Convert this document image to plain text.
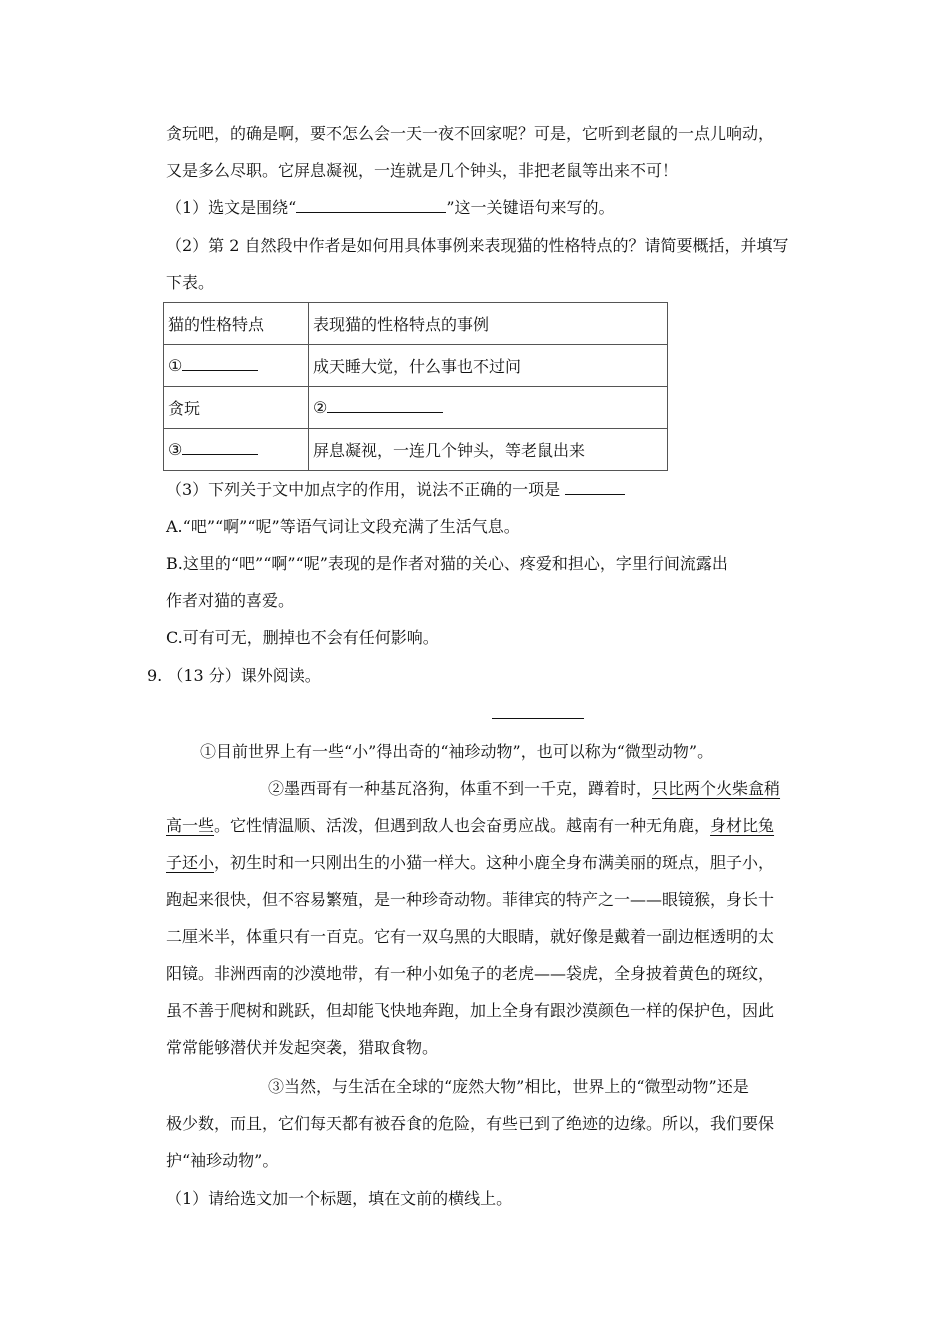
贪玩吧，的确是啊，要不怎么会一天一夜不回家呢？可是，它听到老鼠的一点儿响动，
又是多么尽职。它屏息凝视，一连就是几个钟头，非把老鼠等出来不可！
（1）选文是围绕“	”这一关键语句来写的。
（2）第 2 自然段中作者是如何用具体事例来表现猫的性格特点的？请简要概括，并填写
下表。
猫的性格特点	表现猫的性格特点的事例
①	成天睡大觉，什么事也不过问
贪玩	②
③	屏息凝视，一连几个钟头，等老鼠出来
（3）下列关于文中加点字的作用，说法不正确的一项是
A.“吧”“啊”“呢”等语气词让文段充满了生活气息。
B.这里的“吧”“啊”“呢”表现的是作者对猫的关心、疼爱和担心，字里行间流露出
作者对猫的喜爱。
C.可有可无，删掉也不会有任何影响。
9. （13 分）课外阅读。
①目前世界上有一些“小”得出奇的“袖珍动物”，也可以称为“微型动物”。
②墨西哥有一种基瓦洛狗，体重不到一千克，蹲着时，只比两个火柴盒稍
高一些。它性情温顺、活泼，但遇到敌人也会奋勇应战。越南有一种无角鹿，身材比兔
子还小，初生时和一只刚出生的小猫一样大。这种小鹿全身布满美丽的斑点，胆子小，
跑起来很快，但不容易繁殖，是一种珍奇动物。菲律宾的特产之一——眼镜猴，身长十
二厘米半，体重只有一百克。它有一双乌黑的大眼睛，就好像是戴着一副边框透明的太
阳镜。非洲西南的沙漠地带，有一种小如兔子的老虎——袋虎，全身披着黄色的斑纹，
虽不善于爬树和跳跃，但却能飞快地奔跑，加上全身有跟沙漠颜色一样的保护色，因此
常常能够潜伏并发起突袭，猎取食物。
③当然，与生活在全球的“庞然大物”相比，世界上的“微型动物”还是
极少数，而且，它们每天都有被吞食的危险，有些已到了绝迹的边缘。所以，我们要保
护“袖珍动物”。
（1）请给选文加一个标题，填在文前的横线上。
